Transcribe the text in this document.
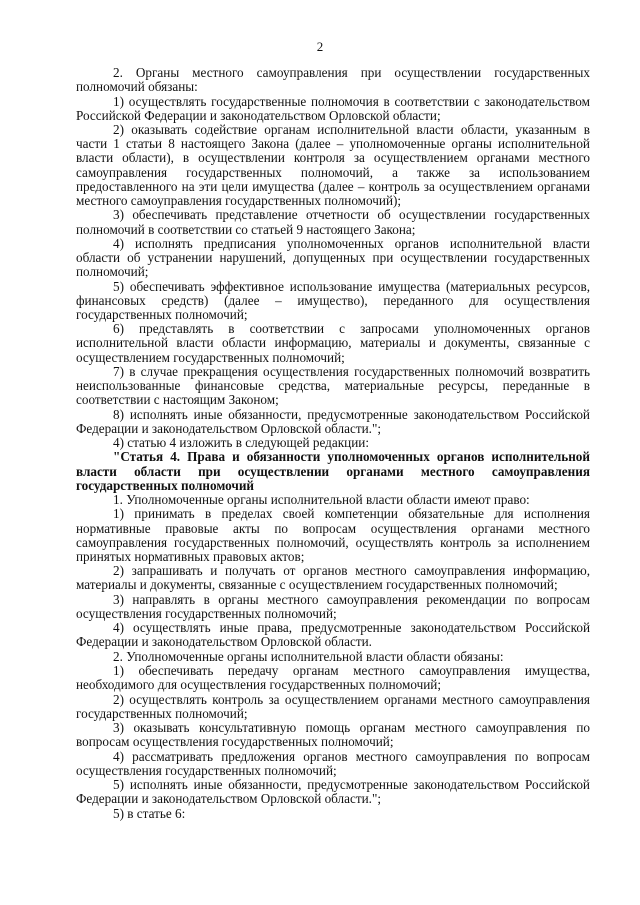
2

2. Органы местного самоуправления при осуществлении государственных полномочий обязаны:

1) осуществлять государственные полномочия в соответствии с законодательством Российской Федерации и законодательством Орловской области;

2) оказывать содействие органам исполнительной власти области, указанным в части 1 статьи 8 настоящего Закона (далее – уполномоченные органы исполнительной власти области), в осуществлении контроля за осуществлением органами местного самоуправления государственных полномочий, а также за использованием предоставленного на эти цели имущества (далее – контроль за осуществлением органами местного самоуправления государственных полномочий);

3) обеспечивать представление отчетности об осуществлении государственных полномочий в соответствии со статьей 9 настоящего Закона;

4) исполнять предписания уполномоченных органов исполнительной власти области об устранении нарушений, допущенных при осуществлении государственных полномочий;

5) обеспечивать эффективное использование имущества (материальных ресурсов, финансовых средств) (далее – имущество), переданного для осуществления государственных полномочий;

6) представлять в соответствии с запросами уполномоченных органов исполнительной власти области информацию, материалы и документы, связанные с осуществлением государственных полномочий;

7) в случае прекращения осуществления государственных полномочий возвратить неиспользованные финансовые средства, материальные ресурсы, переданные в соответствии с настоящим Законом;

8) исполнять иные обязанности, предусмотренные законодательством Российской Федерации и законодательством Орловской области.";

4) статью 4 изложить в следующей редакции:

"Статья 4. Права и обязанности уполномоченных органов исполнительной власти области при осуществлении органами местного самоуправления государственных полномочий

1. Уполномоченные органы исполнительной власти области имеют право:

1) принимать в пределах своей компетенции обязательные для исполнения нормативные правовые акты по вопросам осуществления органами местного самоуправления государственных полномочий, осуществлять контроль за исполнением принятых нормативных правовых актов;

2) запрашивать и получать от органов местного самоуправления информацию, материалы и документы, связанные с осуществлением государственных полномочий;

3) направлять в органы местного самоуправления рекомендации по вопросам осуществления государственных полномочий;

4) осуществлять иные права, предусмотренные законодательством Российской Федерации и законодательством Орловской области.

2. Уполномоченные органы исполнительной власти области обязаны:

1) обеспечивать передачу органам местного самоуправления имущества, необходимого для осуществления государственных полномочий;

2) осуществлять контроль за осуществлением органами местного самоуправления государственных полномочий;

3) оказывать консультативную помощь органам местного самоуправления по вопросам осуществления государственных полномочий;

4) рассматривать предложения органов местного самоуправления по вопросам осуществления государственных полномочий;

5) исполнять иные обязанности, предусмотренные законодательством Российской Федерации и законодательством Орловской области.";

5) в статье 6:
